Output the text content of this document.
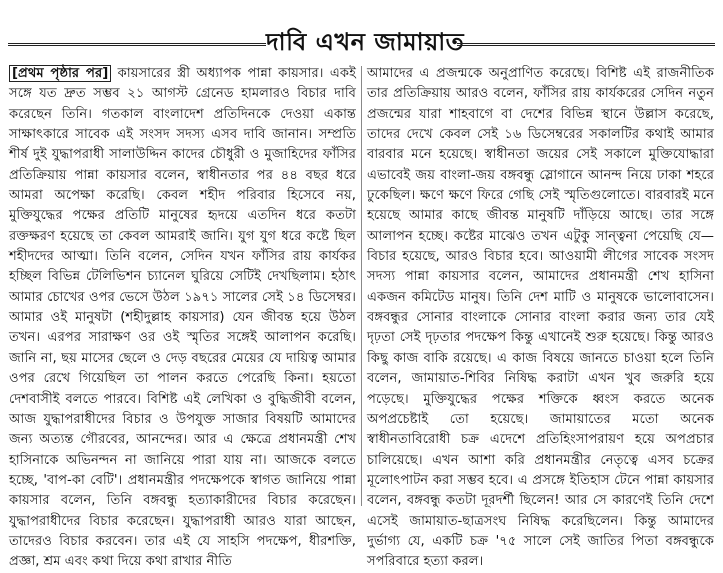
দাবি এখন জামায়াত

[প্রথম পৃষ্ঠার পর] কায়সারের স্ত্রী অধ্যাপক পান্না কায়সার। একই সঙ্গে যত দ্রুত সম্ভব ২১ আগস্ট গ্রেনেড হামলারও বিচার দাবি করেছেন তিনি। গতকাল বাংলাদেশ প্রতিদিনকে দেওয়া একান্ত সাক্ষাৎকারে সাবেক এই সংসদ সদস্য এসব দাবি জানান। সম্প্রতি শীর্ষ দুই যুদ্ধাপরাধী সালাউদ্দিন কাদের চৌধুরী ও মুজাহিদের ফাঁসির প্রতিক্রিয়ায় পান্না কায়সার বলেন, স্বাধীনতার পর ৪৪ বছর ধরে আমরা অপেক্ষা করেছি। কেবল শহীদ পরিবার হিসেবে নয়, মুক্তিযুদ্ধের পক্ষের প্রতিটি মানুষের হৃদয়ে এতদিন ধরে কতটা রক্তক্ষরণ হয়েছে তা কেবল আমরাই জানি। যুগ যুগ ধরে কষ্টে ছিল শহীদদের আত্মা। তিনি বলেন, সেদিন যখন ফাঁসির রায় কার্যকর হচ্ছিল বিভিন্ন টেলিভিশন চ্যানেল ঘুরিয়ে সেটিই দেখছিলাম। হঠাৎ আমার চোখের ওপর ভেসে উঠল ১৯৭১ সালের সেই ১৪ ডিসেম্বর। আমার ওই মানুষটা (শহীদুল্লাহ কায়সার) যেন জীবন্ত হয়ে উঠল তখন। এরপর সারাক্ষণ ওর ওই স্মৃতির সঙ্গেই আলাপন করেছি। জানি না, ছয় মাসের ছেলে ও দেড় বছরের মেয়ের যে দায়িত্ব আমার ওপর রেখে গিয়েছিল তা পালন করতে পেরেছি কিনা। হয়তো দেশবাসীই বলতে পারবে। বিশিষ্ট এই লেখিকা ও বুদ্ধিজীবী বলেন, আজ যুদ্ধাপরাধীদের বিচার ও উপযুক্ত সাজার বিষয়টি আমাদের জন্য অত্যন্ত গৌরবের, আনন্দের। আর এ ক্ষেত্রে প্রধানমন্ত্রী শেখ হাসিনাকে অভিনন্দন না জানিয়ে পারা যায় না। আজকে বলতে হচ্ছে, 'বাপ-কা বেটি'। প্রধানমন্ত্রীর পদক্ষেপকে স্বাগত জানিয়ে পান্না কায়সার বলেন, তিনি বঙ্গবন্ধু হত্যাকারীদের বিচার করেছেন। যুদ্ধাপরাধীদের বিচার করেছেন। যুদ্ধাপরাধী আরও যারা আছেন, তাদেরও বিচার করবেন। তার এই যে সাহসি পদক্ষেপ, ধীরশক্তি, প্রজ্ঞা, শ্রম এবং কথা দিয়ে কথা রাখার নীতি

আমাদের এ প্রজন্মকে অনুপ্রাণিত করেছে। বিশিষ্ট এই রাজনীতিক তার প্রতিক্রিয়ায় আরও বলেন, ফাঁসির রায় কার্যকরের সেদিন নতুন প্রজন্মের যারা শাহবাগে বা দেশের বিভিন্ন স্থানে উল্লাস করেছে, তাদের দেখে কেবল সেই ১৬ ডিসেম্বরের সকালটির কথাই আমার বারবার মনে হয়েছে। স্বাধীনতা জয়ের সেই সকালে মুক্তিযোদ্ধারা এভাবেই জয় বাংলা-জয় বঙ্গবন্ধু স্লোগানে আনন্দ নিয়ে ঢাকা শহরে ঢুকেছিল। ক্ষণে ক্ষণে ফিরে গেছি সেই স্মৃতিগুলোতে। বারবারই মনে হয়েছে আমার কাছে জীবন্ত মানুষটি দাঁড়িয়ে আছে। তার সঙ্গে আলাপন হচ্ছে। কষ্টের মাঝেও তখন এটুকু সান্ত্বনা পেয়েছি যে—বিচার হয়েছে, আরও বিচার হবে। আওয়ামী লীগের সাবেক সংসদ সদস্য পান্না কায়সার বলেন, আমাদের প্রধানমন্ত্রী শেখ হাসিনা একজন কমিটেড মানুষ। তিনি দেশ মাটি ও মানুষকে ভালোবাসেন। বঙ্গবন্ধুর সোনার বাংলাকে সোনার বাংলা করার জন্য তার যেই দৃঢ়তা সেই দৃঢ়তার পদক্ষেপ কিন্তু এখানেই শুরু হয়েছে। কিন্তু আরও কিছু কাজ বাকি রয়েছে। এ কাজ বিষয়ে জানতে চাওয়া হলে তিনি বলেন, জামায়াত-শিবির নিষিদ্ধ করাটা এখন খুব জরুরি হয়ে পড়েছে। মুক্তিযুদ্ধের পক্ষের শক্তিকে ধ্বংস করতে অনেক অপপ্রচেষ্টাই তো হয়েছে। জামায়াতের মতো অনেক স্বাধীনতাবিরোধী চক্র এদেশে প্রতিহিংসাপরায়ণ হয়ে অপপ্রচার চালিয়েছে। এখন আশা করি প্রধানমন্ত্রীর নেতৃত্বে এসব চক্রের মূলোৎপাটন করা সম্ভব হবে। এ প্রসঙ্গে ইতিহাস টেনে পান্না কায়সার বলেন, বঙ্গবন্ধু কতটা দূরদর্শী ছিলেন! আর সে কারণেই তিনি দেশে এসেই জামায়াত-ছাত্রসংঘ নিষিদ্ধ করেছিলেন। কিন্তু আমাদের দুর্ভাগ্য যে, একটি চক্র '৭৫ সালে সেই জাতির পিতা বঙ্গবন্ধুকে সপরিবারে হত্যা করল।
